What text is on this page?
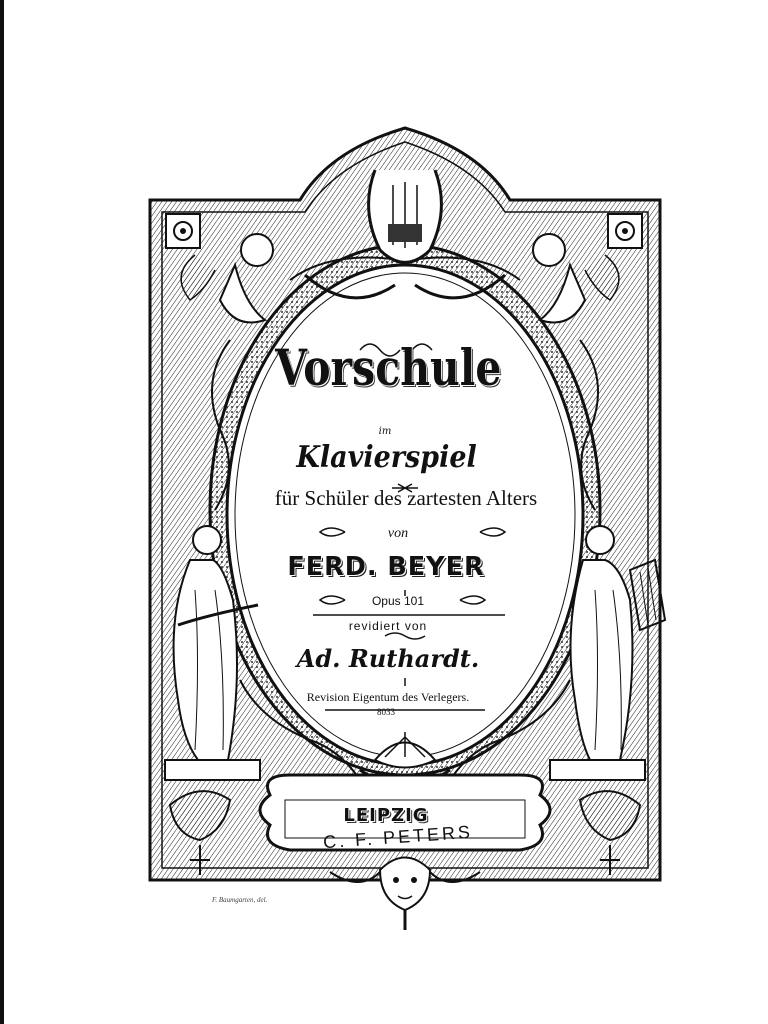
Vorschule
im
Klavierspiel
für Schüler des zartesten Alters
von
FERD. BEYER
Opus 101
revidiert von
Ad. Ruthardt.
Revision Eigentum des Verlegers.
8033
LEIPZIG
C. F. PETERS
F. Baumgarten, del.
